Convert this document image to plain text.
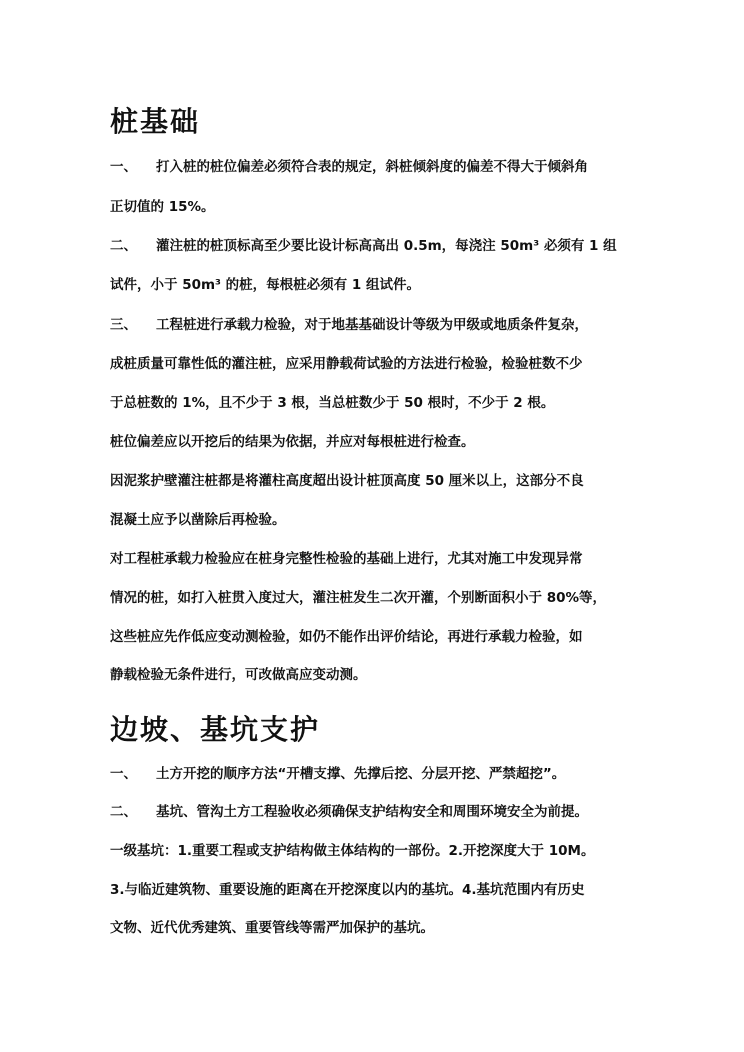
桩基础
一、 打入桩的桩位偏差必须符合表的规定，斜桩倾斜度的偏差不得大于倾斜角
正切值的 15%。
二、 灌注桩的桩顶标高至少要比设计标高高出 0.5m，每浇注 50m³ 必须有 1 组
试件，小于 50m³ 的桩，每根桩必须有 1 组试件。
三、 工程桩进行承载力检验，对于地基基础设计等级为甲级或地质条件复杂，
成桩质量可靠性低的灌注桩，应采用静载荷试验的方法进行检验，检验桩数不少
于总桩数的 1%，且不少于 3 根，当总桩数少于 50 根时，不少于 2 根。
桩位偏差应以开挖后的结果为依据，并应对每根桩进行检查。
因泥浆护壁灌注桩都是将灌柱高度超出设计桩顶高度 50 厘米以上，这部分不良
混凝土应予以凿除后再检验。
对工程桩承载力检验应在桩身完整性检验的基础上进行，尤其对施工中发现异常
情况的桩，如打入桩贯入度过大，灌注桩发生二次开灌，个别断面积小于 80%等，
这些桩应先作低应变动测检验，如仍不能作出评价结论，再进行承载力检验，如
静载检验无条件进行，可改做高应变动测。
边坡、基坑支护
一、 土方开挖的顺序方法“开槽支撑、先撑后挖、分层开挖、严禁超挖”。
二、 基坑、管沟土方工程验收必须确保支护结构安全和周围环境安全为前提。
一级基坑：1.重要工程或支护结构做主体结构的一部份。2.开挖深度大于 10M。
3.与临近建筑物、重要设施的距离在开挖深度以内的基坑。4.基坑范围内有历史
文物、近代优秀建筑、重要管线等需严加保护的基坑。
